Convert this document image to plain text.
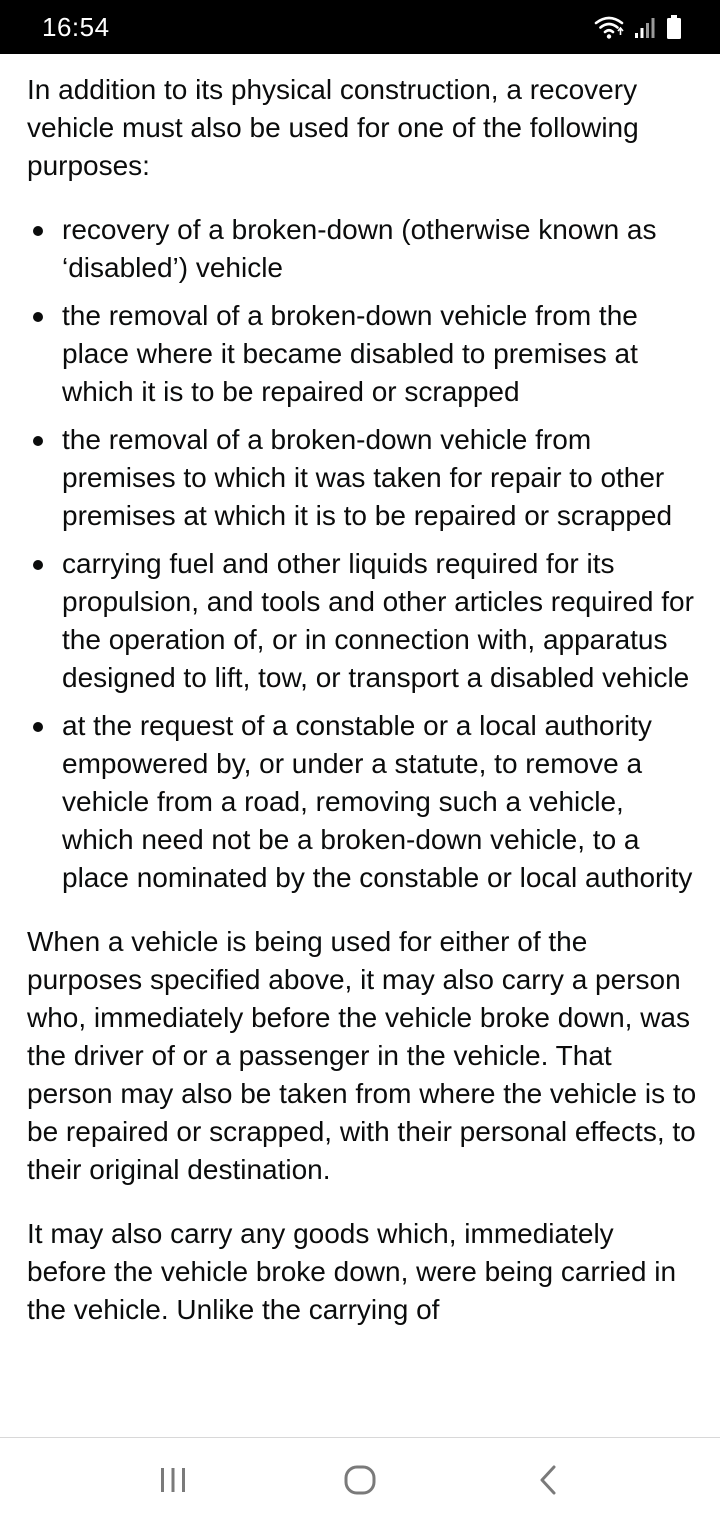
16:54

In addition to its physical construction, a recovery vehicle must also be used for one of the following purposes:

recovery of a broken-down (otherwise known as ‘disabled’) vehicle
the removal of a broken-down vehicle from the place where it became disabled to premises at which it is to be repaired or scrapped
the removal of a broken-down vehicle from premises to which it was taken for repair to other premises at which it is to be repaired or scrapped
carrying fuel and other liquids required for its propulsion, and tools and other articles required for the operation of, or in connection with, apparatus designed to lift, tow, or transport a disabled vehicle
at the request of a constable or a local authority empowered by, or under a statute, to remove a vehicle from a road, removing such a vehicle, which need not be a broken-down vehicle, to a place nominated by the constable or local authority

When a vehicle is being used for either of the purposes specified above, it may also carry a person who, immediately before the vehicle broke down, was the driver of or a passenger in the vehicle. That person may also be taken from where the vehicle is to be repaired or scrapped, with their personal effects, to their original destination.

It may also carry any goods which, immediately before the vehicle broke down, were being carried in the vehicle. Unlike the carrying of
